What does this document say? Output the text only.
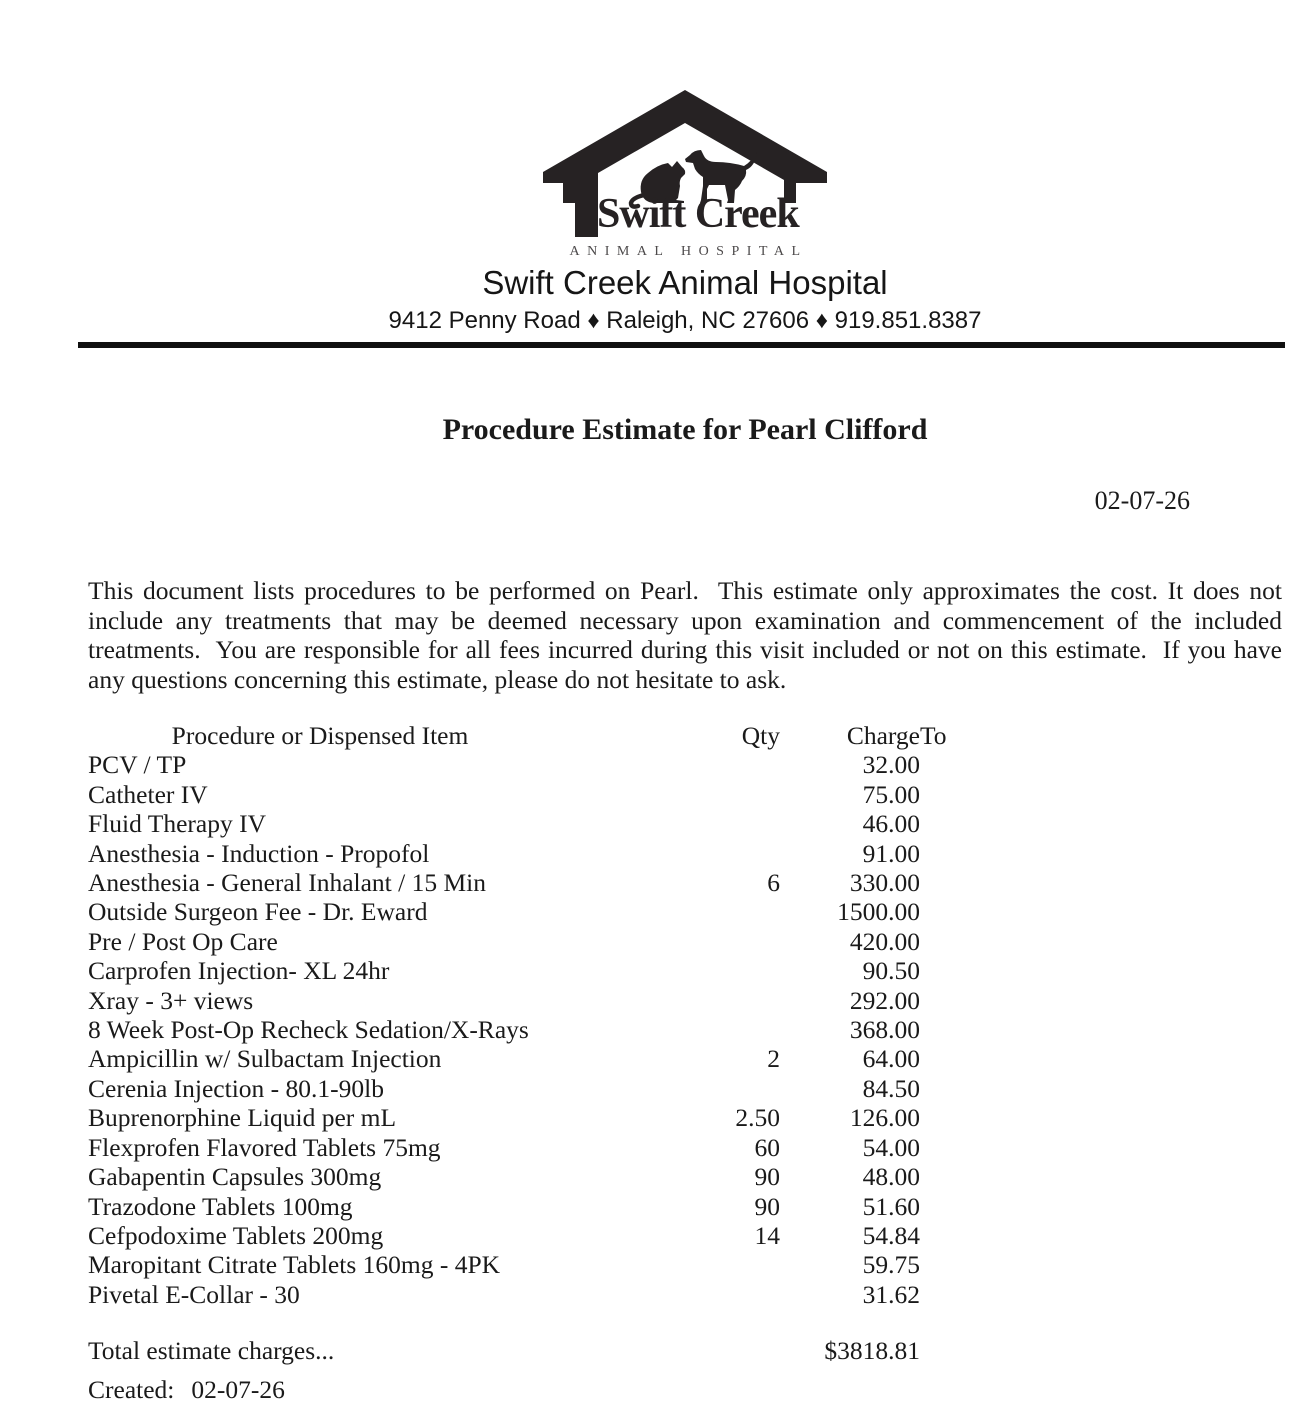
Swift Creek
ANIMAL HOSPITAL
Swift Creek Animal Hospital
9412 Penny Road ♦ Raleigh, NC 27606 ♦ 919.851.8387
Procedure Estimate for Pearl Clifford
02-07-26

This document lists procedures to be performed on Pearl.  This estimate only approximates the cost. It does not include any treatments that may be deemed necessary upon examination and commencement of the included treatments.  You are responsible for all fees incurred during this visit included or not on this estimate.  If you have any questions concerning this estimate, please do not hesitate to ask.

Procedure or Dispensed Item	Qty	Charge	To
PCV / TP		32.00	
Catheter IV		75.00	
Fluid Therapy IV		46.00	
Anesthesia - Induction - Propofol		91.00	
Anesthesia - General Inhalant / 15 Min	6	330.00	
Outside Surgeon Fee - Dr. Eward		1500.00	
Pre / Post Op Care		420.00	
Carprofen Injection- XL 24hr		90.50	
Xray - 3+ views		292.00	
8 Week Post-Op Recheck Sedation/X-Rays		368.00	
Ampicillin w/ Sulbactam Injection	2	64.00	
Cerenia Injection - 80.1-90lb		84.50	
Buprenorphine Liquid per mL	2.50	126.00	
Flexprofen Flavored Tablets 75mg	60	54.00	
Gabapentin Capsules 300mg	90	48.00	
Trazodone Tablets 100mg	90	51.60	
Cefpodoxime Tablets 200mg	14	54.84	
Maropitant Citrate Tablets 160mg - 4PK		59.75	
Pivetal E-Collar - 30		31.62	
Total estimate charges...	$3818.81
Created: 02-07-26
